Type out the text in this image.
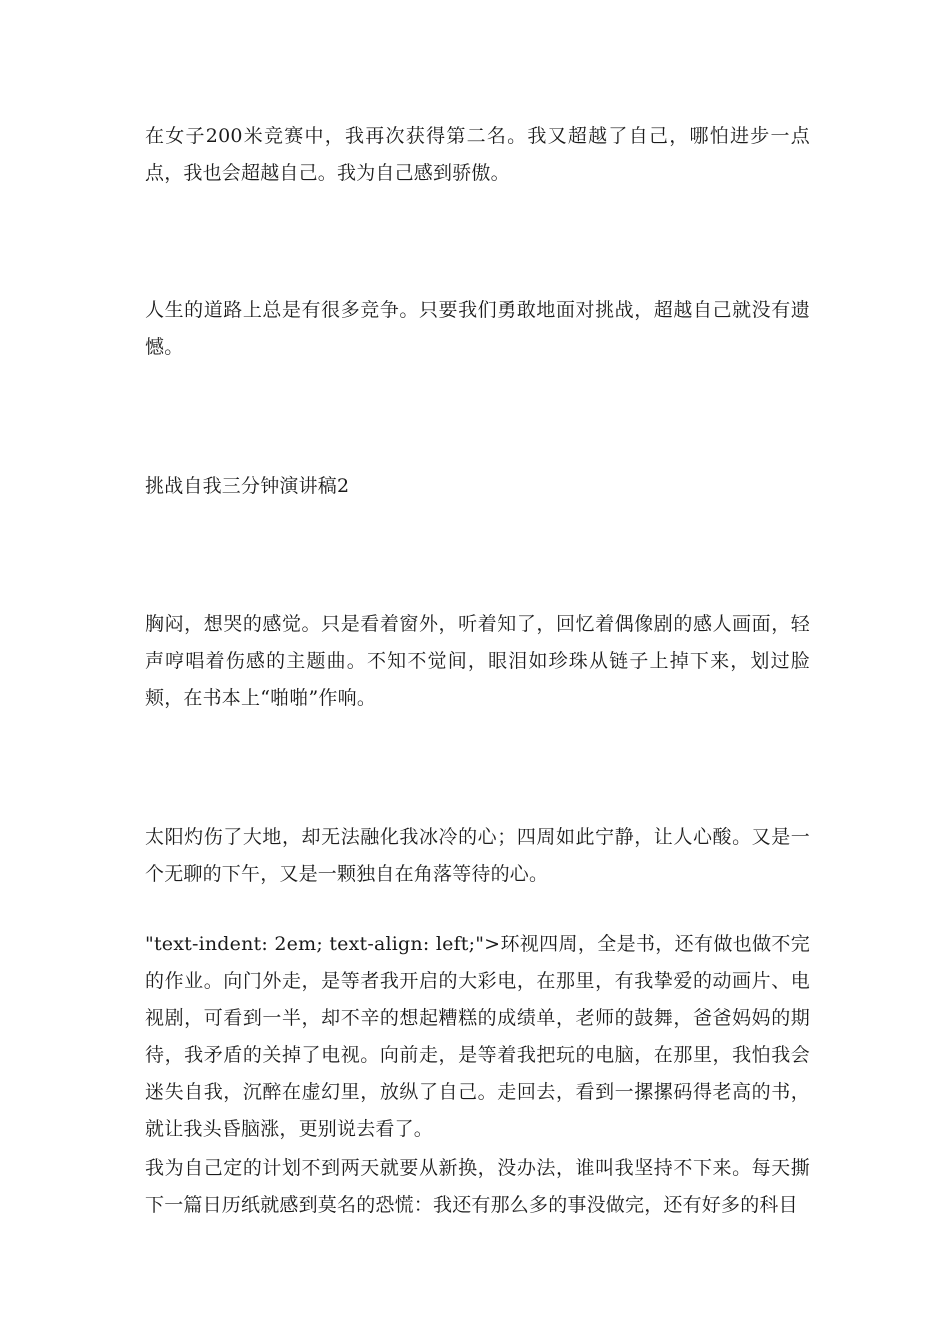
在女子200米竞赛中，我再次获得第二名。我又超越了自己，哪怕进步一点点，我也会超越自己。我为自己感到骄傲。

人生的道路上总是有很多竞争。只要我们勇敢地面对挑战，超越自己就没有遗憾。

挑战自我三分钟演讲稿2

胸闷，想哭的感觉。只是看着窗外，听着知了，回忆着偶像剧的感人画面，轻声哼唱着伤感的主题曲。不知不觉间，眼泪如珍珠从链子上掉下来，划过脸颊，在书本上“啪啪”作响。

太阳灼伤了大地，却无法融化我冰冷的心；四周如此宁静，让人心酸。又是一个无聊的下午，又是一颗独自在角落等待的心。

"text-indent: 2em; text-align: left;">环视四周，全是书，还有做也做不完的作业。向门外走，是等者我开启的大彩电，在那里，有我挚爱的动画片、电视剧，可看到一半，却不辛的想起糟糕的成绩单，老师的鼓舞，爸爸妈妈的期待，我矛盾的关掉了电视。向前走，是等着我把玩的电脑，在那里，我怕我会迷失自我，沉醉在虚幻里，放纵了自己。走回去，看到一摞摞码得老高的书，就让我头昏脑涨，更别说去看了。

我为自己定的计划不到两天就要从新换，没办法，谁叫我坚持不下来。每天撕下一篇日历纸就感到莫名的恐慌：我还有那么多的事没做完，还有好多的科目
